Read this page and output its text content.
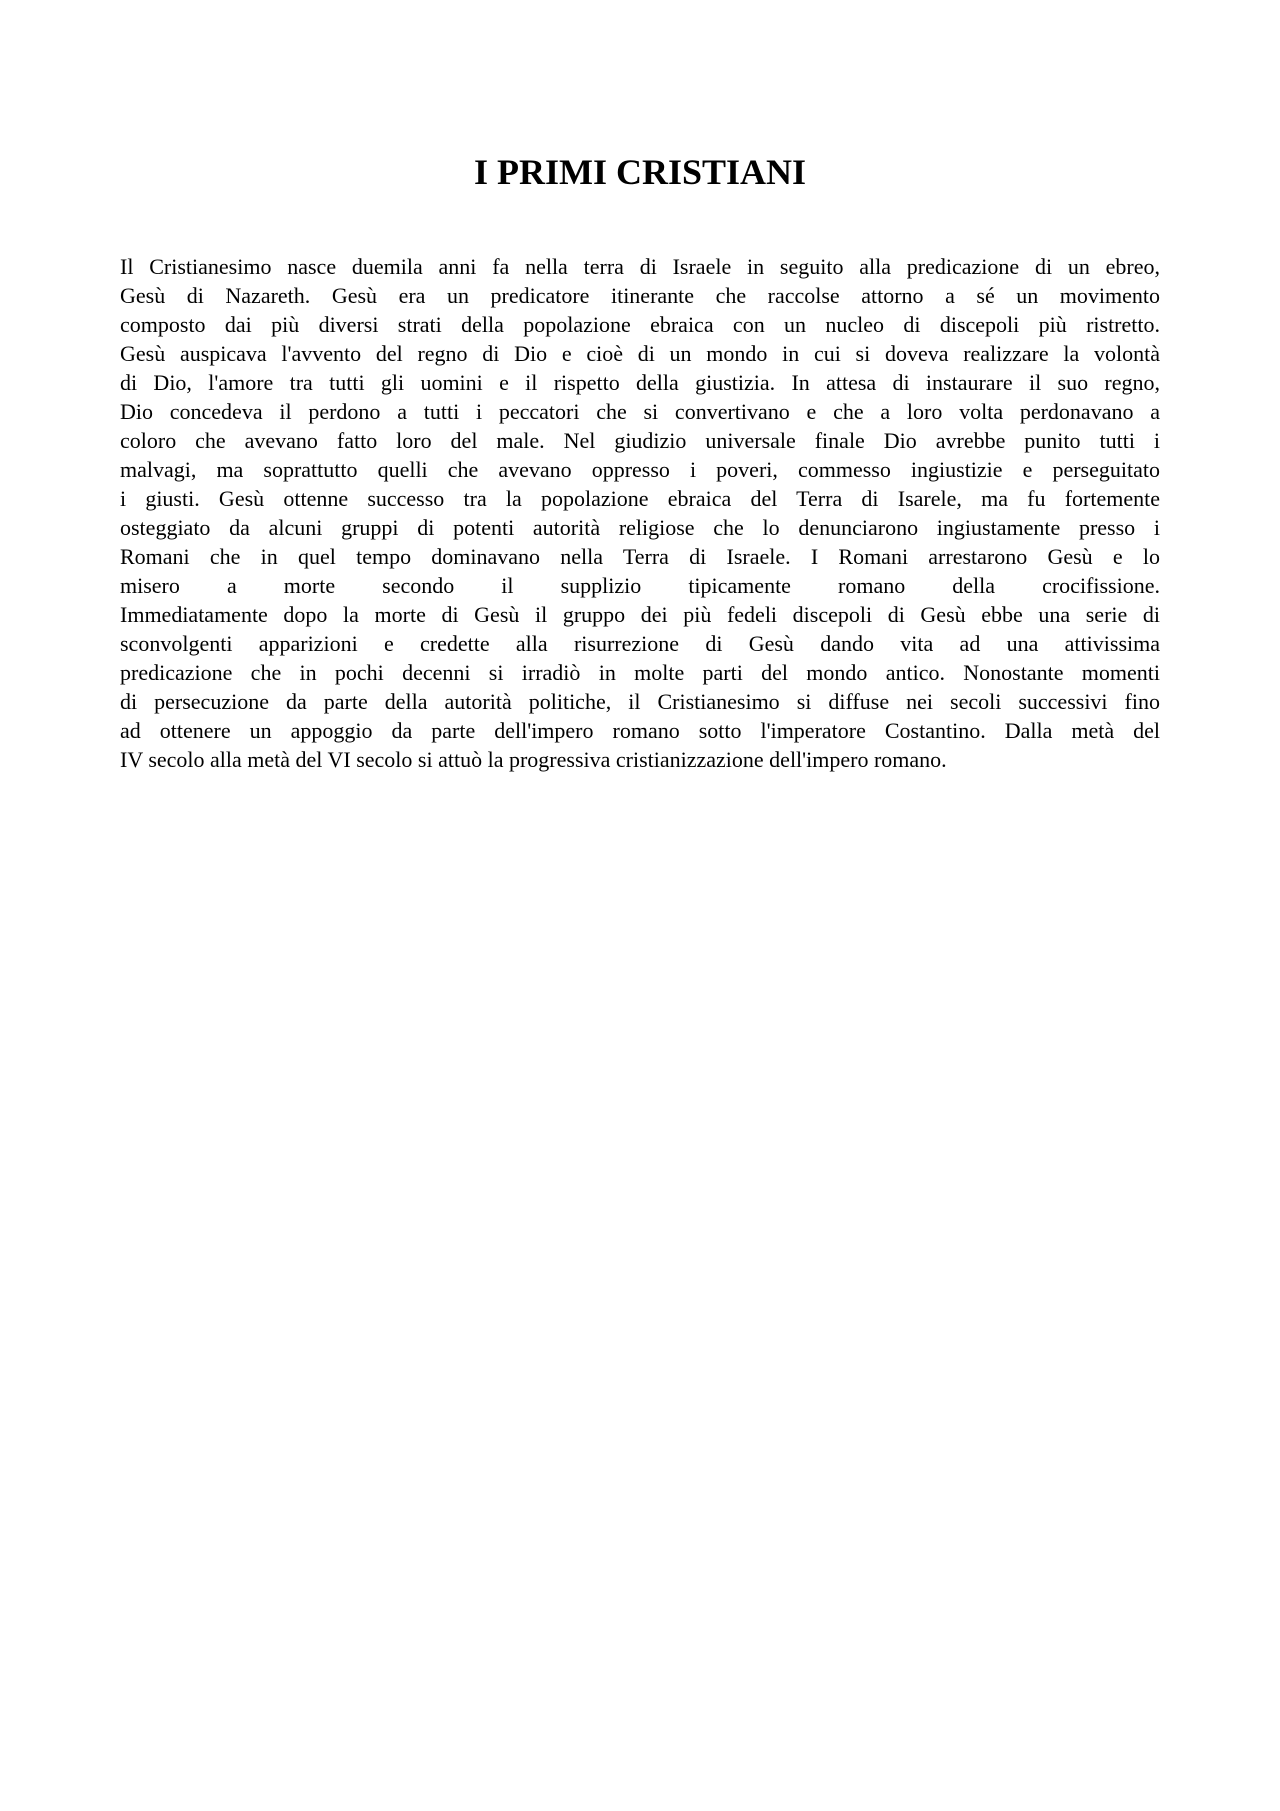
I PRIMI CRISTIANI
Il Cristianesimo nasce duemila anni fa nella terra di Israele in seguito alla predicazione di un ebreo,
Gesù di Nazareth. Gesù era un predicatore itinerante che raccolse attorno a sé un movimento
composto dai più diversi strati della popolazione ebraica con un nucleo di discepoli più ristretto.
Gesù auspicava l'avvento del regno di Dio e cioè di un mondo in cui si doveva realizzare la volontà
di Dio, l'amore tra tutti gli uomini e il rispetto della giustizia. In attesa di instaurare il suo regno,
Dio concedeva il perdono a tutti i peccatori che si convertivano e che a loro volta perdonavano a
coloro che avevano fatto loro del male. Nel giudizio universale finale Dio avrebbe punito tutti i
malvagi, ma soprattutto quelli che avevano oppresso i poveri, commesso ingiustizie e perseguitato
i giusti. Gesù ottenne successo tra la popolazione ebraica del Terra di Isarele, ma fu fortemente
osteggiato da alcuni gruppi di potenti autorità religiose che lo denunciarono ingiustamente presso i
Romani che in quel tempo dominavano nella Terra di Israele. I Romani arrestarono Gesù e lo
misero a morte secondo il supplizio tipicamente romano della crocifissione.
Immediatamente dopo la morte di Gesù il gruppo dei più fedeli discepoli di Gesù ebbe una serie di
sconvolgenti apparizioni e credette alla risurrezione di Gesù dando vita ad una attivissima
predicazione che in pochi decenni si irradiò in molte parti del mondo antico. Nonostante momenti
di persecuzione da parte della autorità politiche, il Cristianesimo si diffuse nei secoli successivi fino
ad ottenere un appoggio da parte dell'impero romano sotto l'imperatore Costantino. Dalla metà del
IV secolo alla metà del VI secolo si attuò la progressiva cristianizzazione dell'impero romano.
